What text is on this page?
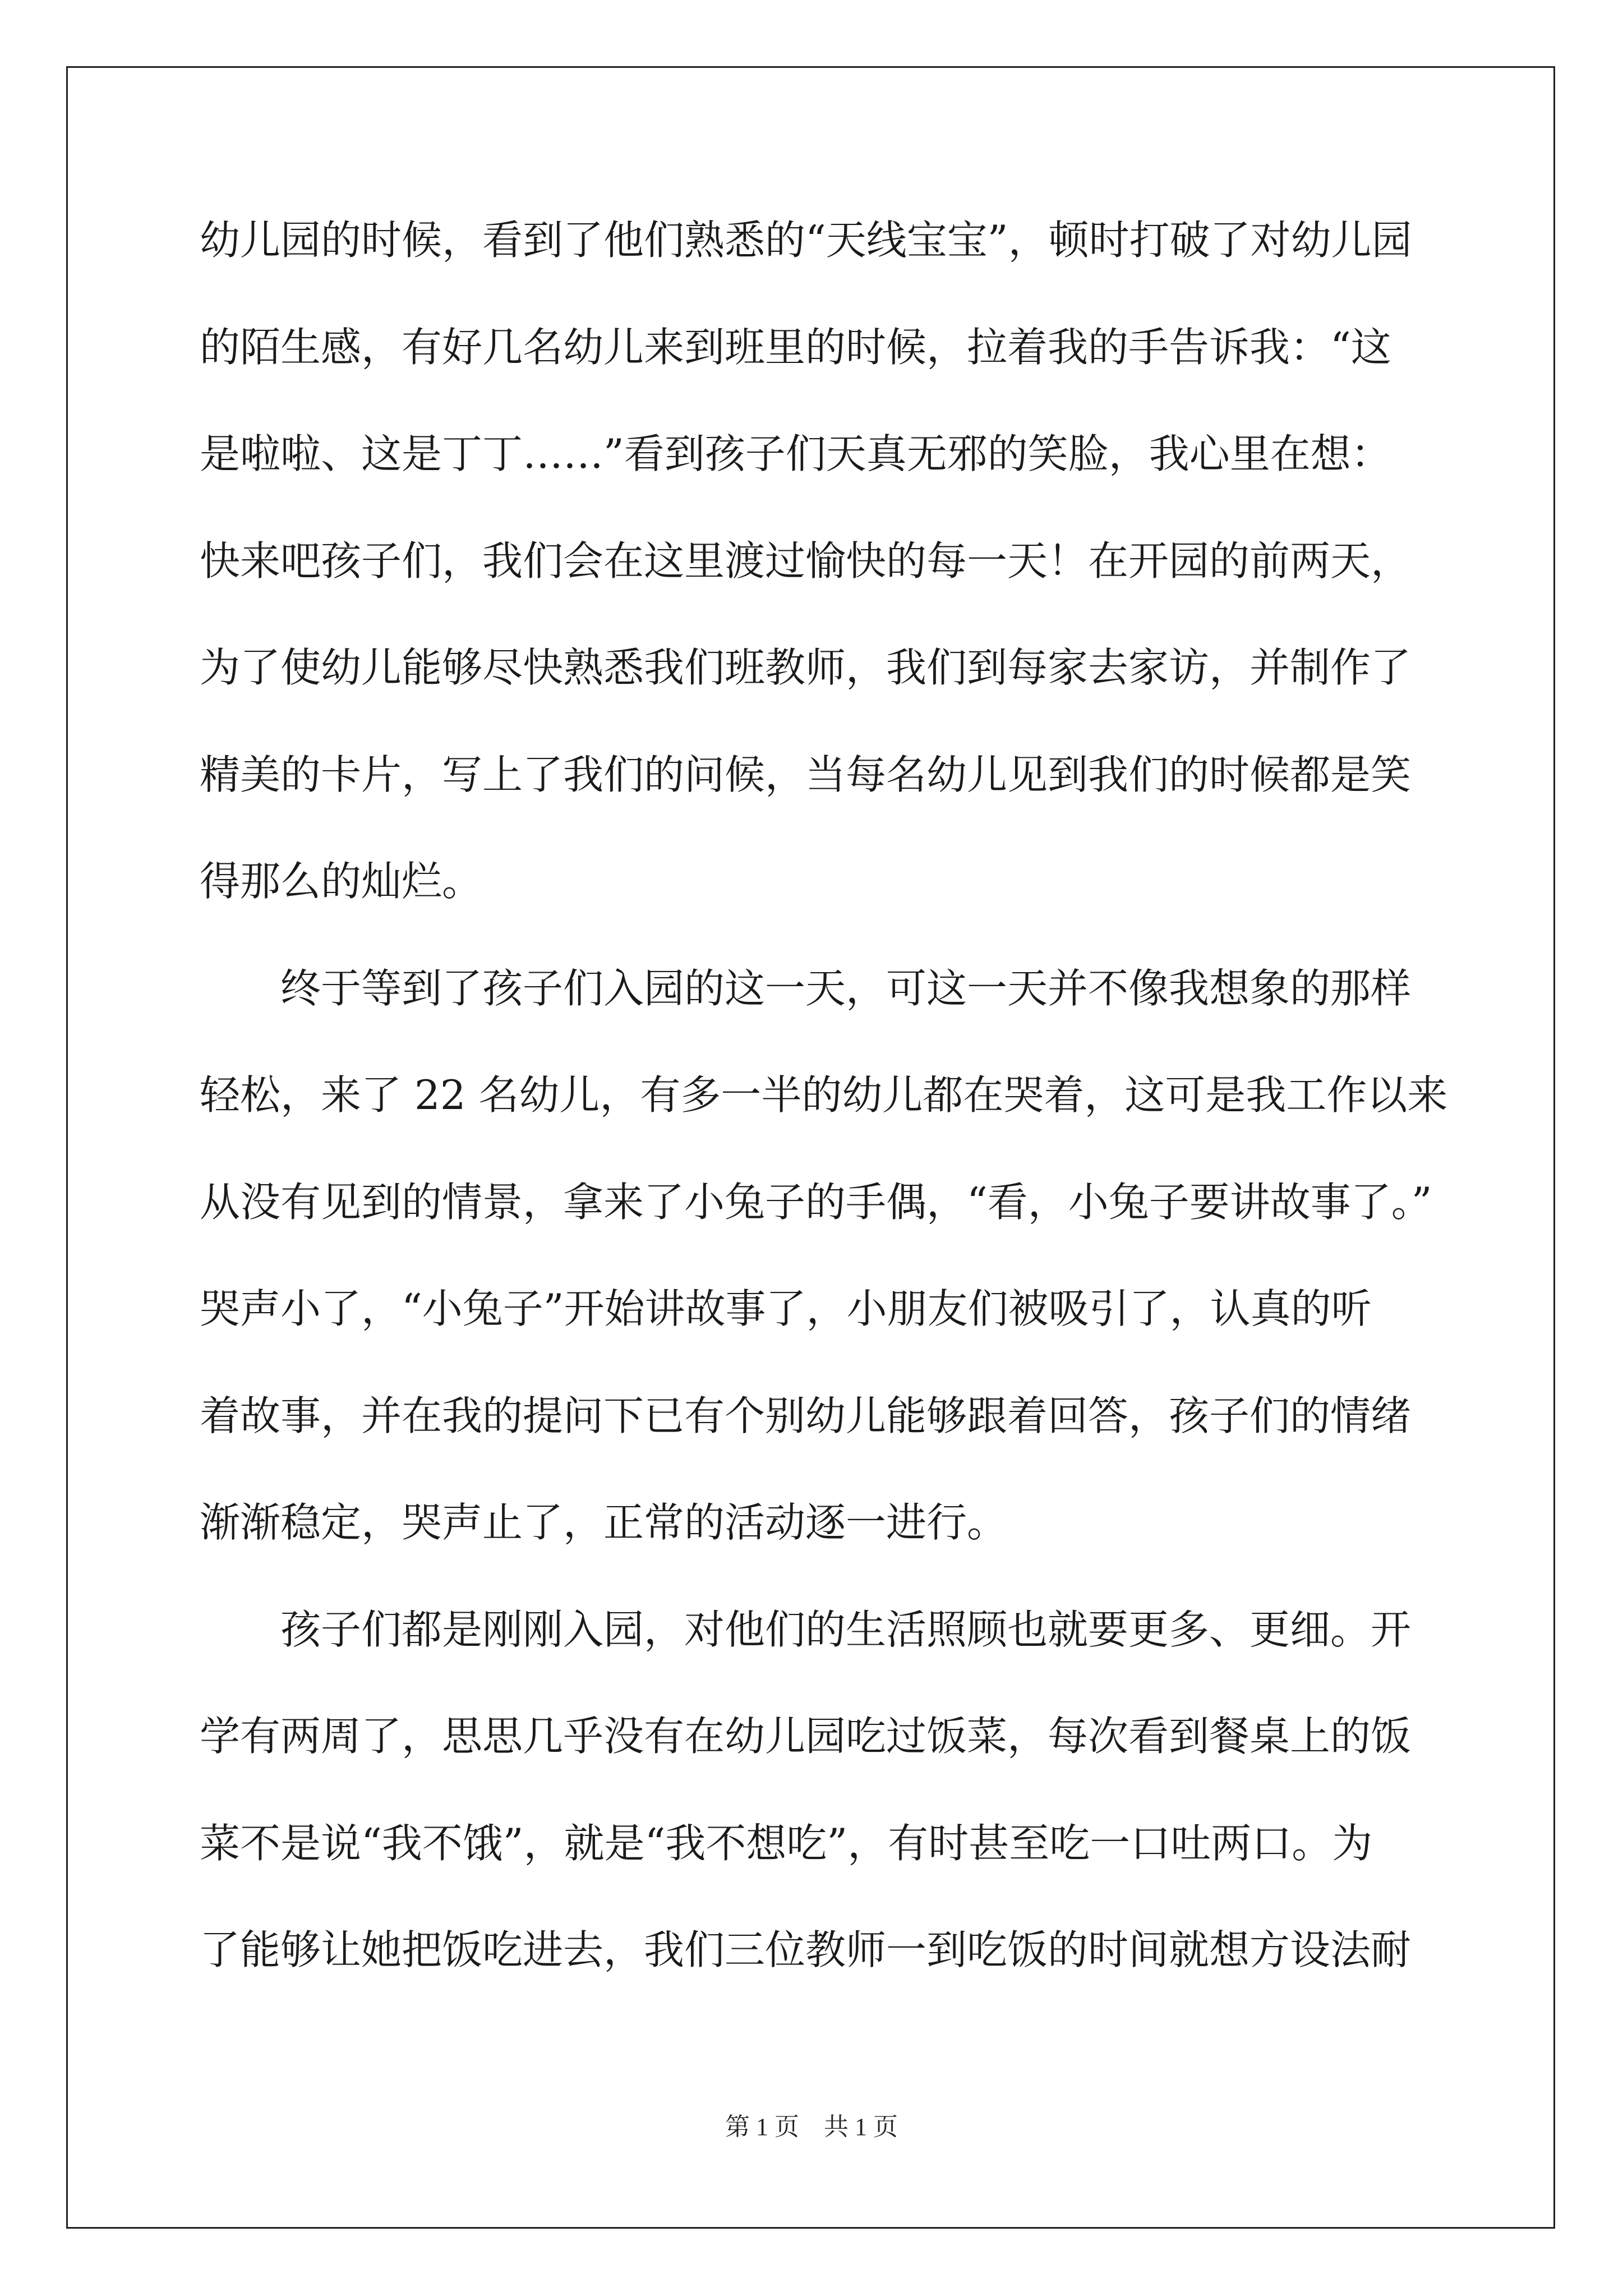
幼儿园的时候，看到了他们熟悉的“天线宝宝”，顿时打破了对幼儿园
的陌生感，有好几名幼儿来到班里的时候，拉着我的手告诉我：“这
是啦啦、这是丁丁……”看到孩子们天真无邪的笑脸，我心里在想：
快来吧孩子们，我们会在这里渡过愉快的每一天！在开园的前两天，
为了使幼儿能够尽快熟悉我们班教师，我们到每家去家访，并制作了
精美的卡片，写上了我们的问候，当每名幼儿见到我们的时候都是笑
得那么的灿烂。
终于等到了孩子们入园的这一天，可这一天并不像我想象的那样
轻松，来了 22 名幼儿，有多一半的幼儿都在哭着，这可是我工作以来
从没有见到的情景，拿来了小兔子的手偶，“看，小兔子要讲故事了。”
哭声小了，“小兔子”开始讲故事了，小朋友们被吸引了，认真的听
着故事，并在我的提问下已有个别幼儿能够跟着回答，孩子们的情绪
渐渐稳定，哭声止了，正常的活动逐一进行。
孩子们都是刚刚入园，对他们的生活照顾也就要更多、更细。开
学有两周了，思思几乎没有在幼儿园吃过饭菜，每次看到餐桌上的饭
菜不是说“我不饿”，就是“我不想吃”，有时甚至吃一口吐两口。为
了能够让她把饭吃进去，我们三位教师一到吃饭的时间就想方设法耐
第 1 页　共 1 页
